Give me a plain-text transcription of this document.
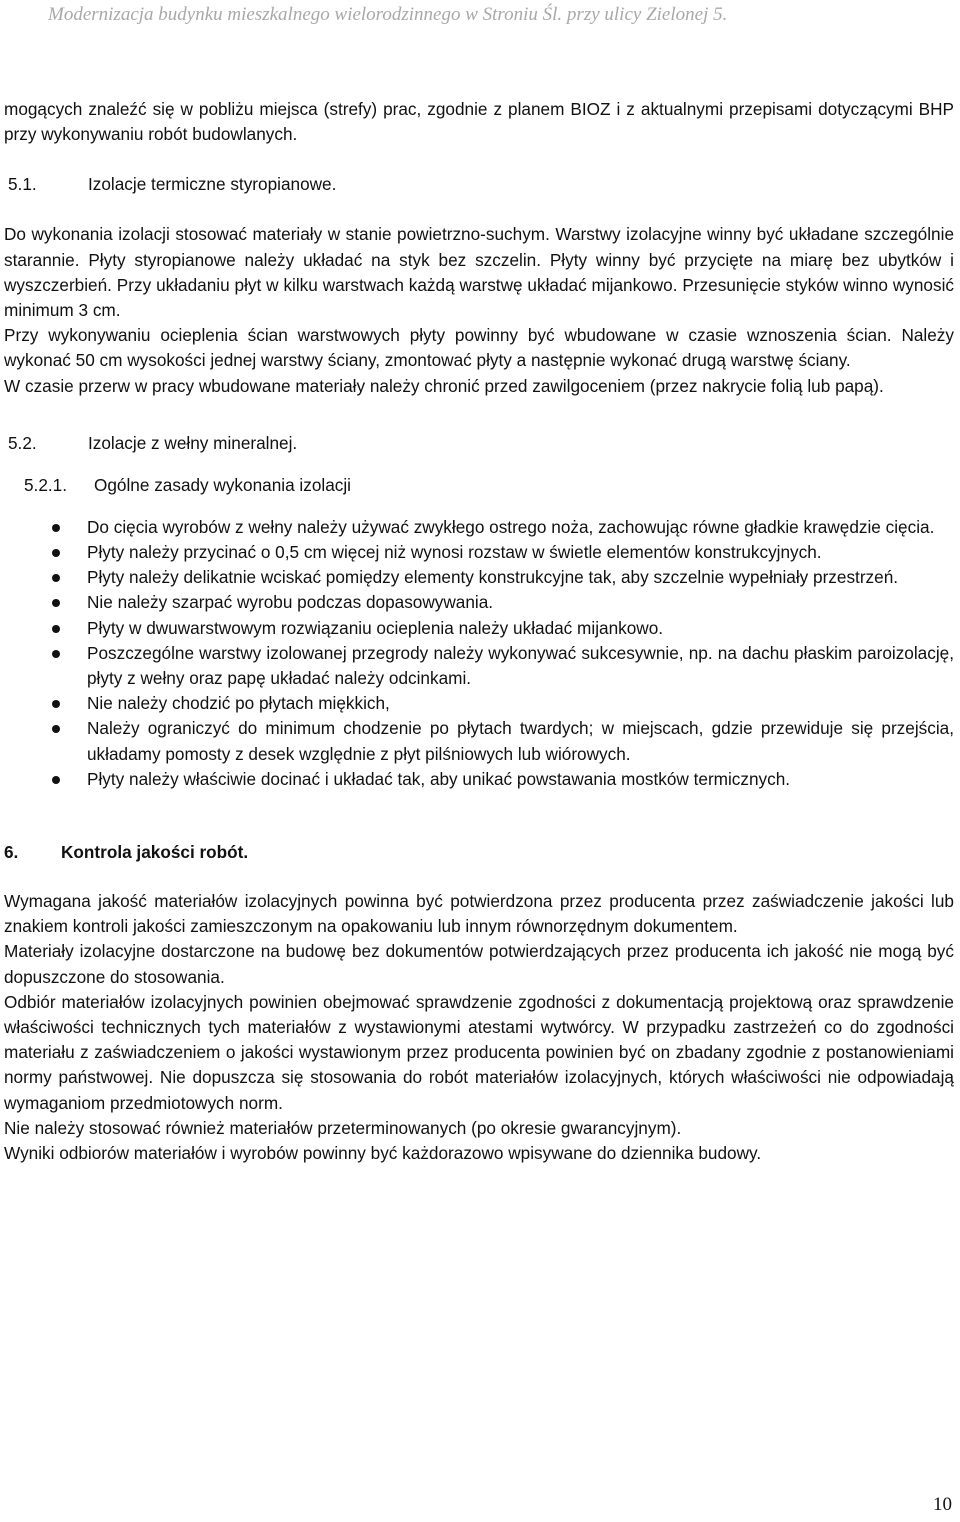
Modernizacja budynku mieszkalnego wielorodzinnego w Stroniu Śl. przy ulicy Zielonej 5.

mogących znaleźć się w pobliżu miejsca (strefy) prac, zgodnie z planem BIOZ i z aktualnymi przepisami dotyczącymi BHP przy wykonywaniu robót budowlanych.

5.1.	Izolacje termiczne styropianowe.

Do wykonania izolacji stosować materiały w stanie powietrzno-suchym. Warstwy izolacyjne winny być układane szczególnie starannie. Płyty styropianowe należy układać na styk bez szczelin. Płyty winny być przycięte na miarę bez ubytków i wyszczerbień. Przy układaniu płyt w kilku warstwach każdą warstwę układać mijankowo. Przesunięcie styków winno wynosić minimum 3 cm.

Przy wykonywaniu ocieplenia ścian warstwowych płyty powinny być wbudowane w czasie wznoszenia ścian. Należy wykonać 50 cm wysokości jednej warstwy ściany, zmontować płyty a następnie wykonać drugą warstwę ściany.

W czasie przerw w pracy wbudowane materiały należy chronić przed zawilgoceniem (przez nakrycie folią lub papą).

5.2.	Izolacje z wełny mineralnej.
5.2.1.	Ogólne zasady wykonania izolacji
Do cięcia wyrobów z wełny należy używać zwykłego ostrego noża, zachowując równe gładkie krawędzie cięcia.
Płyty należy przycinać o 0,5 cm więcej niż wynosi rozstaw w świetle elementów konstrukcyjnych.
Płyty należy delikatnie wciskać pomiędzy elementy konstrukcyjne tak, aby szczelnie wypełniały przestrzeń.
Nie należy szarpać wyrobu podczas dopasowywania.
Płyty w dwuwarstwowym rozwiązaniu ocieplenia należy układać mijankowo.
Poszczególne warstwy izolowanej przegrody należy wykonywać sukcesywnie, np. na dachu płaskim paroizolację, płyty z wełny oraz papę układać należy odcinkami.
Nie należy chodzić po płytach miękkich,
Należy ograniczyć do minimum chodzenie po płytach twardych; w miejscach, gdzie przewiduje się przejścia, układamy pomosty z desek względnie z płyt pilśniowych lub wiórowych.
Płyty należy właściwie docinać i układać tak, aby unikać powstawania mostków termicznych.
6.	Kontrola jakości robót.

Wymagana jakość materiałów izolacyjnych powinna być potwierdzona przez producenta przez zaświadczenie jakości lub znakiem kontroli jakości zamieszczonym na opakowaniu lub innym równorzędnym dokumentem.

Materiały izolacyjne dostarczone na budowę bez dokumentów potwierdzających przez producenta ich jakość nie mogą być dopuszczone do stosowania.

Odbiór materiałów izolacyjnych powinien obejmować sprawdzenie zgodności z dokumentacją projektową oraz sprawdzenie właściwości technicznych tych materiałów z wystawionymi atestami wytwórcy. W przypadku zastrzeżeń co do zgodności materiału z zaświadczeniem o jakości wystawionym przez producenta powinien być on zbadany zgodnie z postanowieniami normy państwowej. Nie dopuszcza się stosowania do robót materiałów izolacyjnych, których właściwości nie odpowiadają wymaganiom przedmiotowych norm.

Nie należy stosować również materiałów przeterminowanych (po okresie gwarancyjnym).

Wyniki odbiorów materiałów i wyrobów powinny być każdorazowo wpisywane do dziennika budowy.

10
